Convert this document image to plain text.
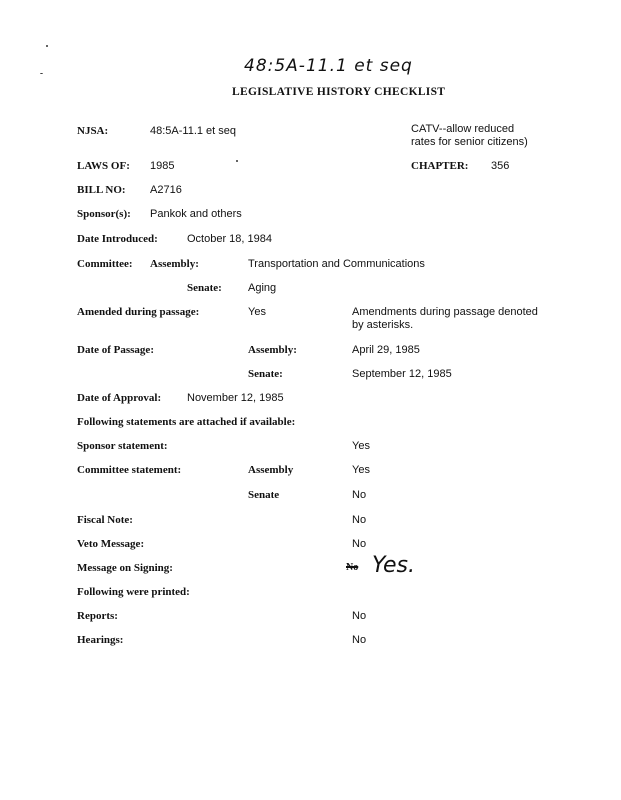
48:5A-11.1 et seq
LEGISLATIVE HISTORY CHECKLIST
NJSA:	48:5A-11.1 et seq	CATV--allow reduced
rates for senior citizens)
LAWS OF: 1985	CHAPTER: 356
BILL NO: A2716
Sponsor(s): Pankok and others
Date Introduced:	October 18, 1984
Committee: Assembly:	Transportation and Communications
Senate: Aging
Amended during passage:	Yes	Amendments during passage denoted
by asterisks.
Date of Passage:	Assembly:	April 29, 1985
Senate:	September 12, 1985
Date of Approval: November 12, 1985
Following statements are attached if available:
Sponsor statement:	Yes
Committee statement:	Assembly	Yes
Senate	No
Fiscal Note:	No
Veto Message:	No
Message on Signing:	No Yes.
Following were printed:
Reports:	No
Hearings:	No
